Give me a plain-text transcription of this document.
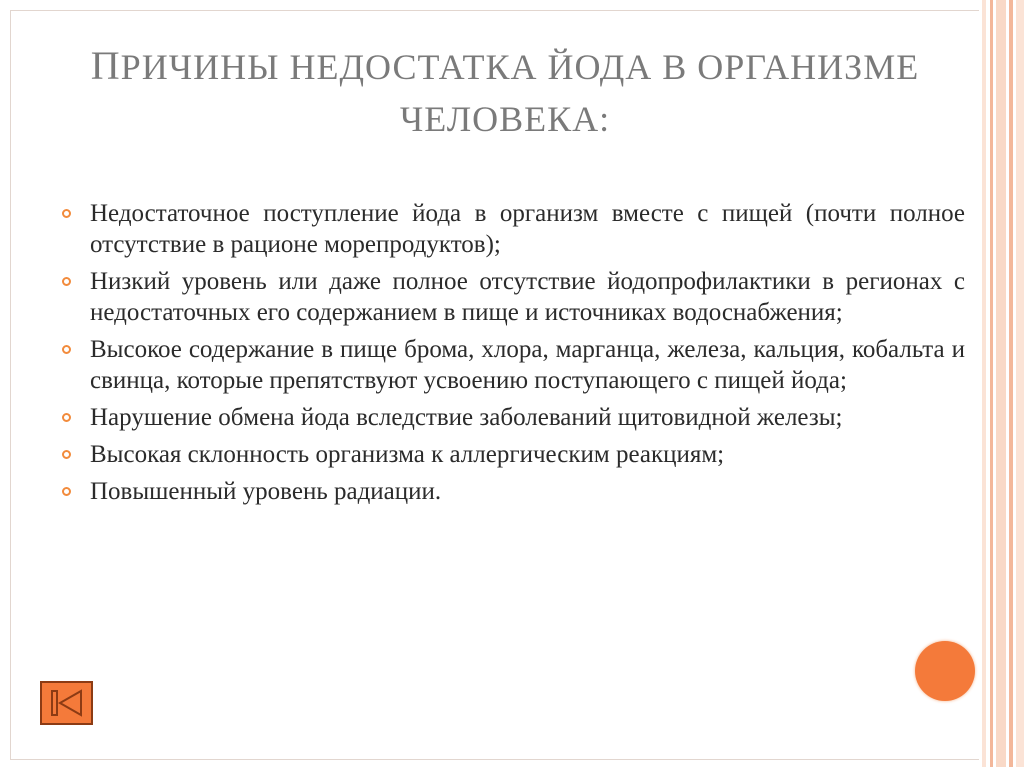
ПРИЧИНЫ НЕДОСТАТКА ЙОДА В ОРГАНИЗМЕ
ЧЕЛОВЕКА:
Недостаточное поступление йода в организм вместе с пищей (почти полное отсутствие в рационе морепродуктов);
Низкий уровень или даже полное отсутствие йодопрофилактики в регионах с недостаточных его содержанием в пище и источниках водоснабжения;
Высокое содержание в пище брома, хлора, марганца, железа, кальция, кобальта и свинца, которые препятствуют усвоению поступающего с пищей йода;
Нарушение обмена йода вследствие заболеваний щитовидной железы;
Высокая склонность организма к аллергическим реакциям;
Повышенный уровень радиации.
